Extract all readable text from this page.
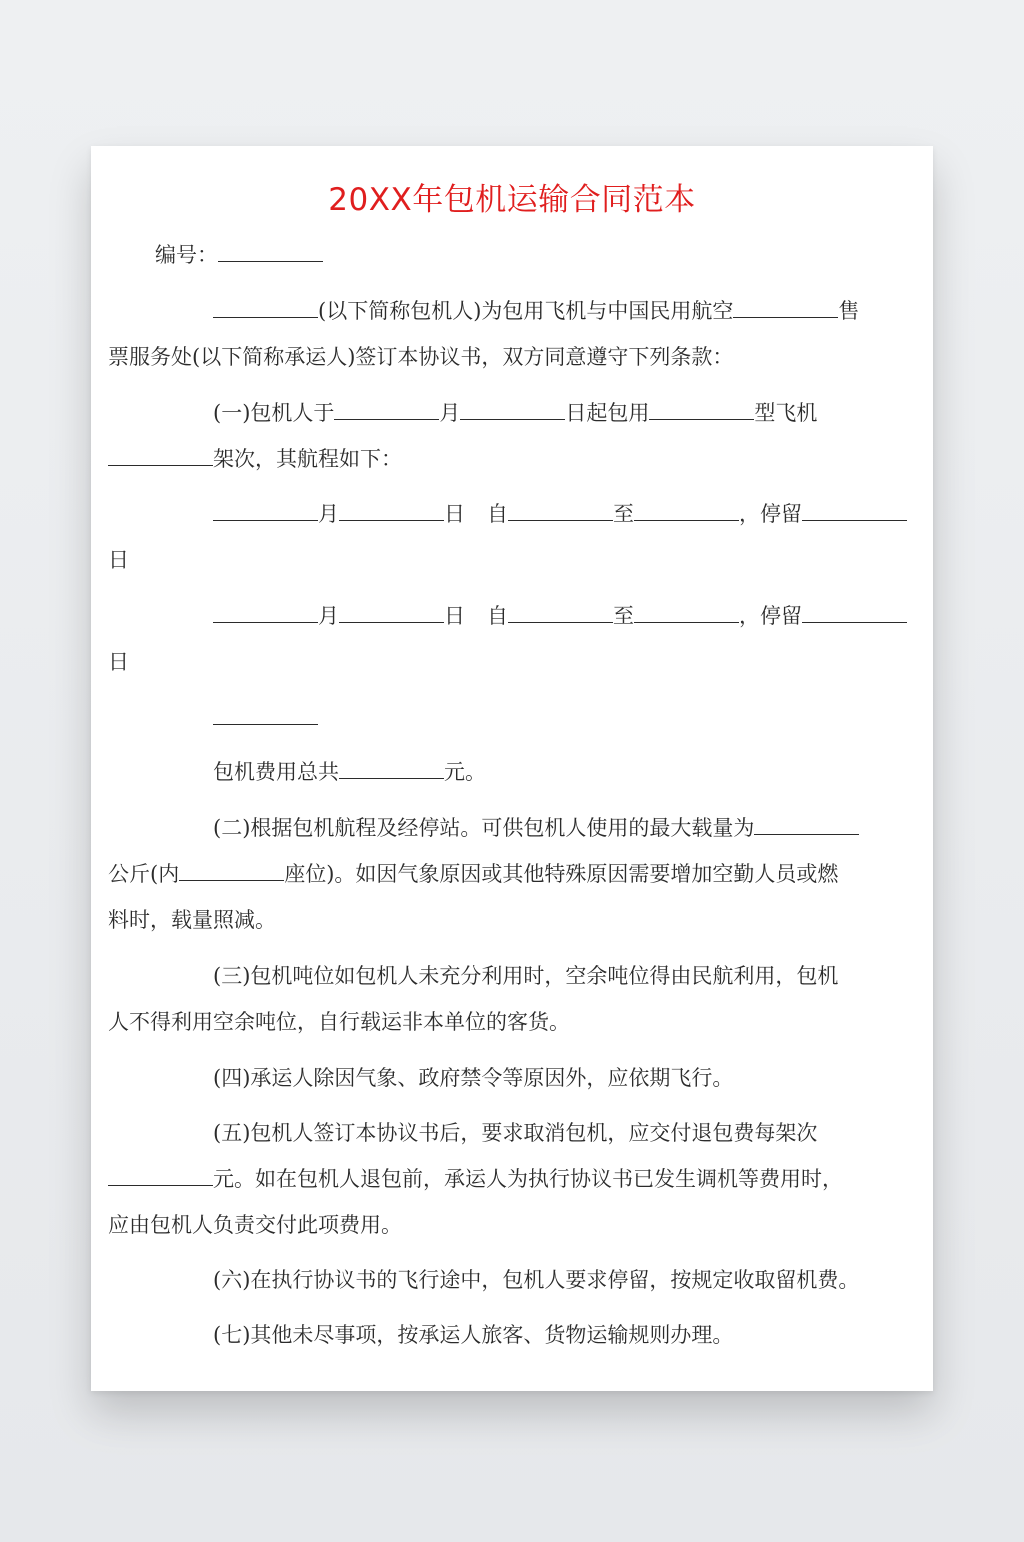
20XX年包机运输合同范本
编号：
(以下简称包机人)为包用飞机与中国民用航空	售
票服务处(以下简称承运人)签订本协议书，双方同意遵守下列条款：
(一)包机人于	月	日起包用	型飞机
架次，其航程如下：
月	日 自	至	，停留
日
月	日 自	至	，停留
日
包机费用总共	元。
(二)根据包机航程及经停站。可供包机人使用的最大载量为
公斤(内	座位)。如因气象原因或其他特殊原因需要增加空勤人员或燃
料时，载量照减。
(三)包机吨位如包机人未充分利用时，空余吨位得由民航利用，包机
人不得利用空余吨位，自行载运非本单位的客货。
(四)承运人除因气象、政府禁令等原因外，应依期飞行。
(五)包机人签订本协议书后，要求取消包机，应交付退包费每架次
元。如在包机人退包前，承运人为执行协议书已发生调机等费用时，
应由包机人负责交付此项费用。
(六)在执行协议书的飞行途中，包机人要求停留，按规定收取留机费。
(七)其他未尽事项，按承运人旅客、货物运输规则办理。
